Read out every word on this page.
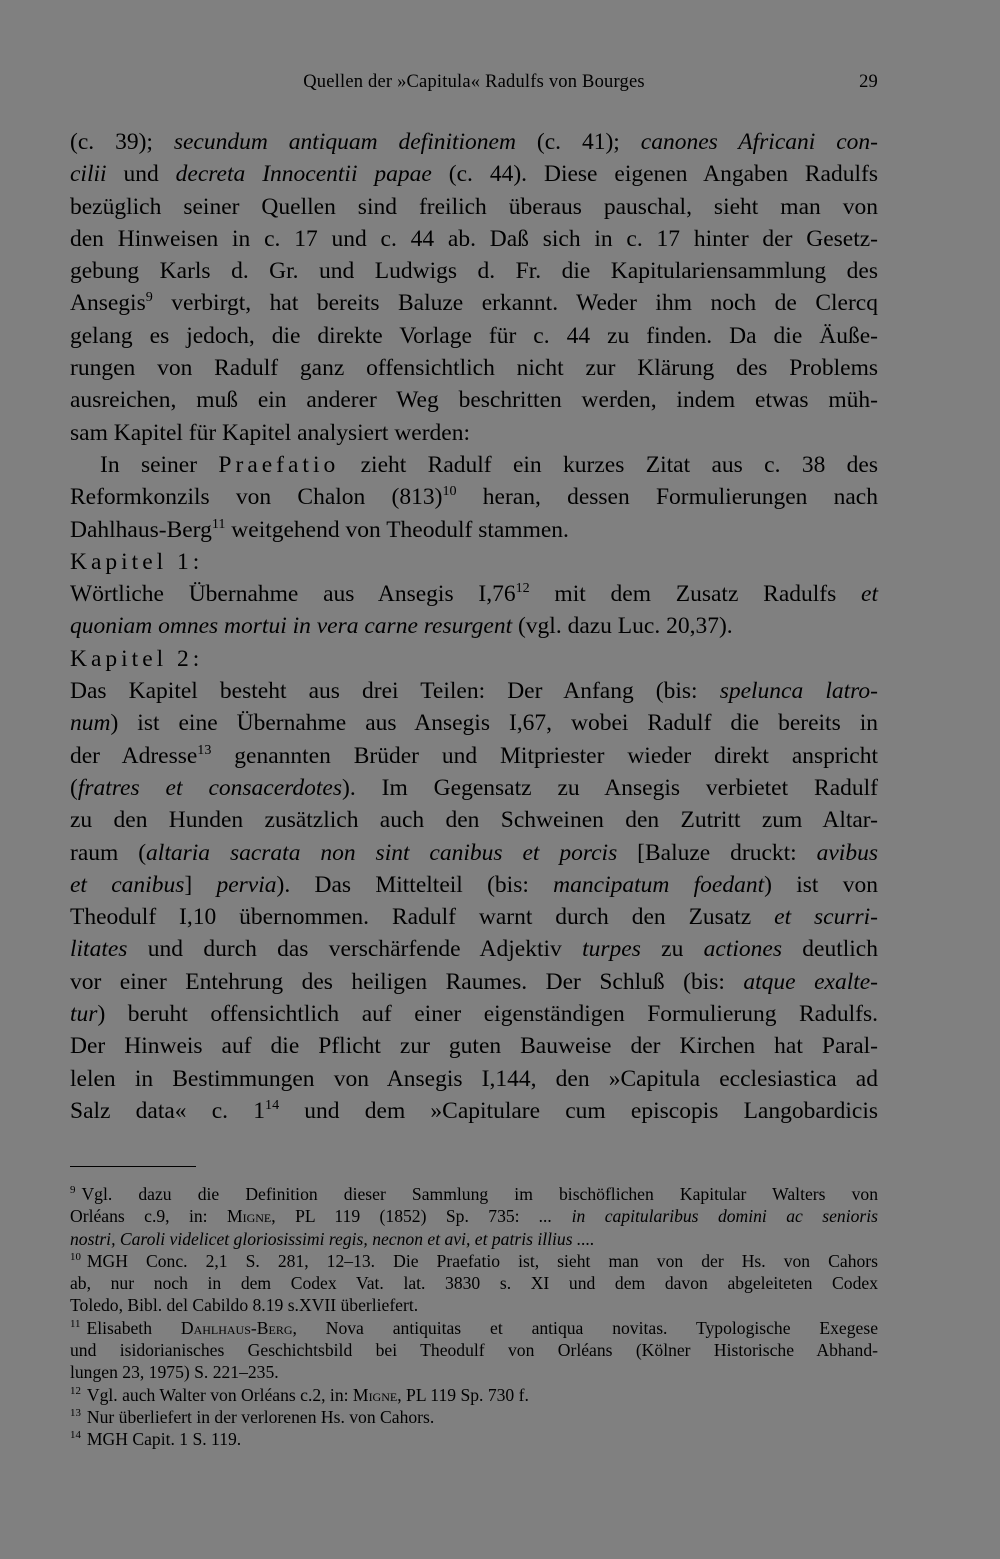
Quellen der »Capitula« Radulfs von Bourges	29
(c. 39); secundum antiquam definitionem (c. 41); canones Africani con-
cilii und decreta Innocentii papae (c. 44). Diese eigenen Angaben Radulfs
bezüglich seiner Quellen sind freilich überaus pauschal, sieht man von
den Hinweisen in c. 17 und c. 44 ab. Daß sich in c. 17 hinter der Gesetz-
gebung Karls d. Gr. und Ludwigs d. Fr. die Kapitulariensammlung des
Ansegis$^9$ verbirgt, hat bereits Baluze erkannt. Weder ihm noch de Clercq
gelang es jedoch, die direkte Vorlage für c. 44 zu finden. Da die Äuße-
rungen von Radulf ganz offensichtlich nicht zur Klärung des Problems
ausreichen, muß ein anderer Weg beschritten werden, indem etwas müh-
sam Kapitel für Kapitel analysiert werden:
In seiner Praefatio zieht Radulf ein kurzes Zitat aus c. 38 des
Reformkonzils von Chalon $(813)^{10}$ heran, dessen Formulierungen nach
Dahlhaus-Berg$^{11}$ weitgehend von Theodulf stammen.
Kapitel 1:
Wörtliche Übernahme aus Ansegis $I,76^{12}$ mit dem Zusatz Radulfs et
quoniam omnes mortui in vera carne resurgent (vgl. dazu Luc. 20,37).
Kapitel 2:
Das Kapitel besteht aus drei Teilen: Der Anfang (bis: spelunca latro-
num) ist eine Übernahme aus Ansegis I,67, wobei Radulf die bereits in
der Adresse$^{13}$ genannten Brüder und Mitpriester wieder direkt anspricht
(fratres et consacerdotes). Im Gegensatz zu Ansegis verbietet Radulf
zu den Hunden zusätzlich auch den Schweinen den Zutritt zum Altar-
raum (altaria sacrata non sint canibus et porcis [Baluze druckt: avibus
et canibus] pervia). Das Mittelteil (bis: mancipatum foedant) ist von
Theodulf I,10 übernommen. Radulf warnt durch den Zusatz et scurri-
litates und durch das verschärfende Adjektiv turpes zu actiones deutlich
vor einer Entehrung des heiligen Raumes. Der Schluß (bis: atque exalte-
tur) beruht offensichtlich auf einer eigenständigen Formulierung Radulfs.
Der Hinweis auf die Pflicht zur guten Bauweise der Kirchen hat Paral-
lelen in Bestimmungen von Ansegis I,144, den »Capitula ecclesiastica ad
Salz data« c. $1^{14}$ und dem »Capitulare cum episcopis Langobardicis
$^9$ Vgl. dazu die Definition dieser Sammlung im bischöflichen Kapitular Walters von
Orléans c.9, in: Migne, PL 119 (1852) Sp. 735: ... in capitularibus domini ac senioris
nostri, Caroli videlicet gloriosissimi regis, necnon et avi, et patris illius ....
$^{10}$ MGH Conc. 2,1 S. 281, 12–13. Die Praefatio ist, sieht man von der Hs. von Cahors
ab, nur noch in dem Codex Vat. lat. 3830 s. XI und dem davon abgeleiteten Codex
Toledo, Bibl. del Cabildo 8.19 s.XVII überliefert.
$^{11}$ Elisabeth Dahlhaus-Berg, Nova antiquitas et antiqua novitas. Typologische Exegese
und isidorianisches Geschichtsbild bei Theodulf von Orléans (Kölner Historische Abhand-
lungen 23, 1975) S. 221–235.
$^{12}$ Vgl. auch Walter von Orléans c.2, in: Migne, PL 119 Sp. 730 f.
$^{13}$ Nur überliefert in der verlorenen Hs. von Cahors.
$^{14}$ MGH Capit. 1 S. 119.
